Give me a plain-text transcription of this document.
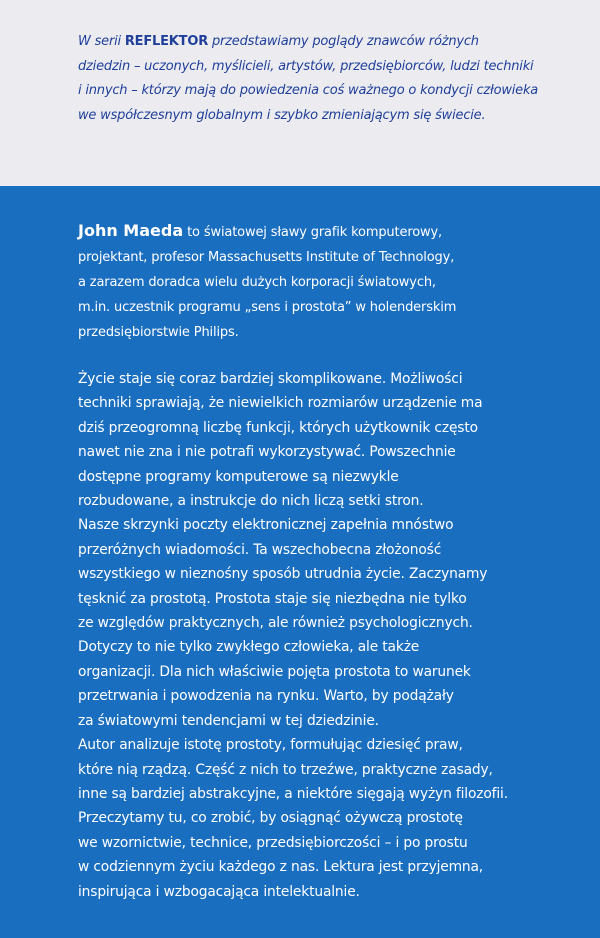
W serii REFLEKTOR przedstawiamy poglądy znawców różnych
dziedzin – uczonych, myślicieli, artystów, przedsiębiorców, ludzi techniki
i innych – którzy mają do powiedzenia coś ważnego o kondycji człowieka
we współczesnym globalnym i szybko zmieniającym się świecie.
John Maeda to światowej sławy grafik komputerowy,
projektant, profesor Massachusetts Institute of Technology,
a zarazem doradca wielu dużych korporacji światowych,
m.in. uczestnik programu „sens i prostota” w holenderskim
przedsiębiorstwie Philips.
Życie staje się coraz bardziej skomplikowane. Możliwości
techniki sprawiają, że niewielkich rozmiarów urządzenie ma
dziś przeogromną liczbę funkcji, których użytkownik często
nawet nie zna i nie potrafi wykorzystywać. Powszechnie
dostępne programy komputerowe są niezwykle
rozbudowane, a instrukcje do nich liczą setki stron.
Nasze skrzynki poczty elektronicznej zapełnia mnóstwo
przeróżnych wiadomości. Ta wszechobecna złożoność
wszystkiego w nieznośny sposób utrudnia życie. Zaczynamy
tęsknić za prostotą. Prostota staje się niezbędna nie tylko
ze względów praktycznych, ale również psychologicznych.
Dotyczy to nie tylko zwykłego człowieka, ale także
organizacji. Dla nich właściwie pojęta prostota to warunek
przetrwania i powodzenia na rynku. Warto, by podążały
za światowymi tendencjami w tej dziedzinie.
Autor analizuje istotę prostoty, formułując dziesięć praw,
które nią rządzą. Część z nich to trzeźwe, praktyczne zasady,
inne są bardziej abstrakcyjne, a niektóre sięgają wyżyn filozofii.
Przeczytamy tu, co zrobić, by osiągnąć ożywczą prostotę
we wzornictwie, technice, przedsiębiorczości – i po prostu
w codziennym życiu każdego z nas. Lektura jest przyjemna,
inspirująca i wzbogacająca intelektualnie.
